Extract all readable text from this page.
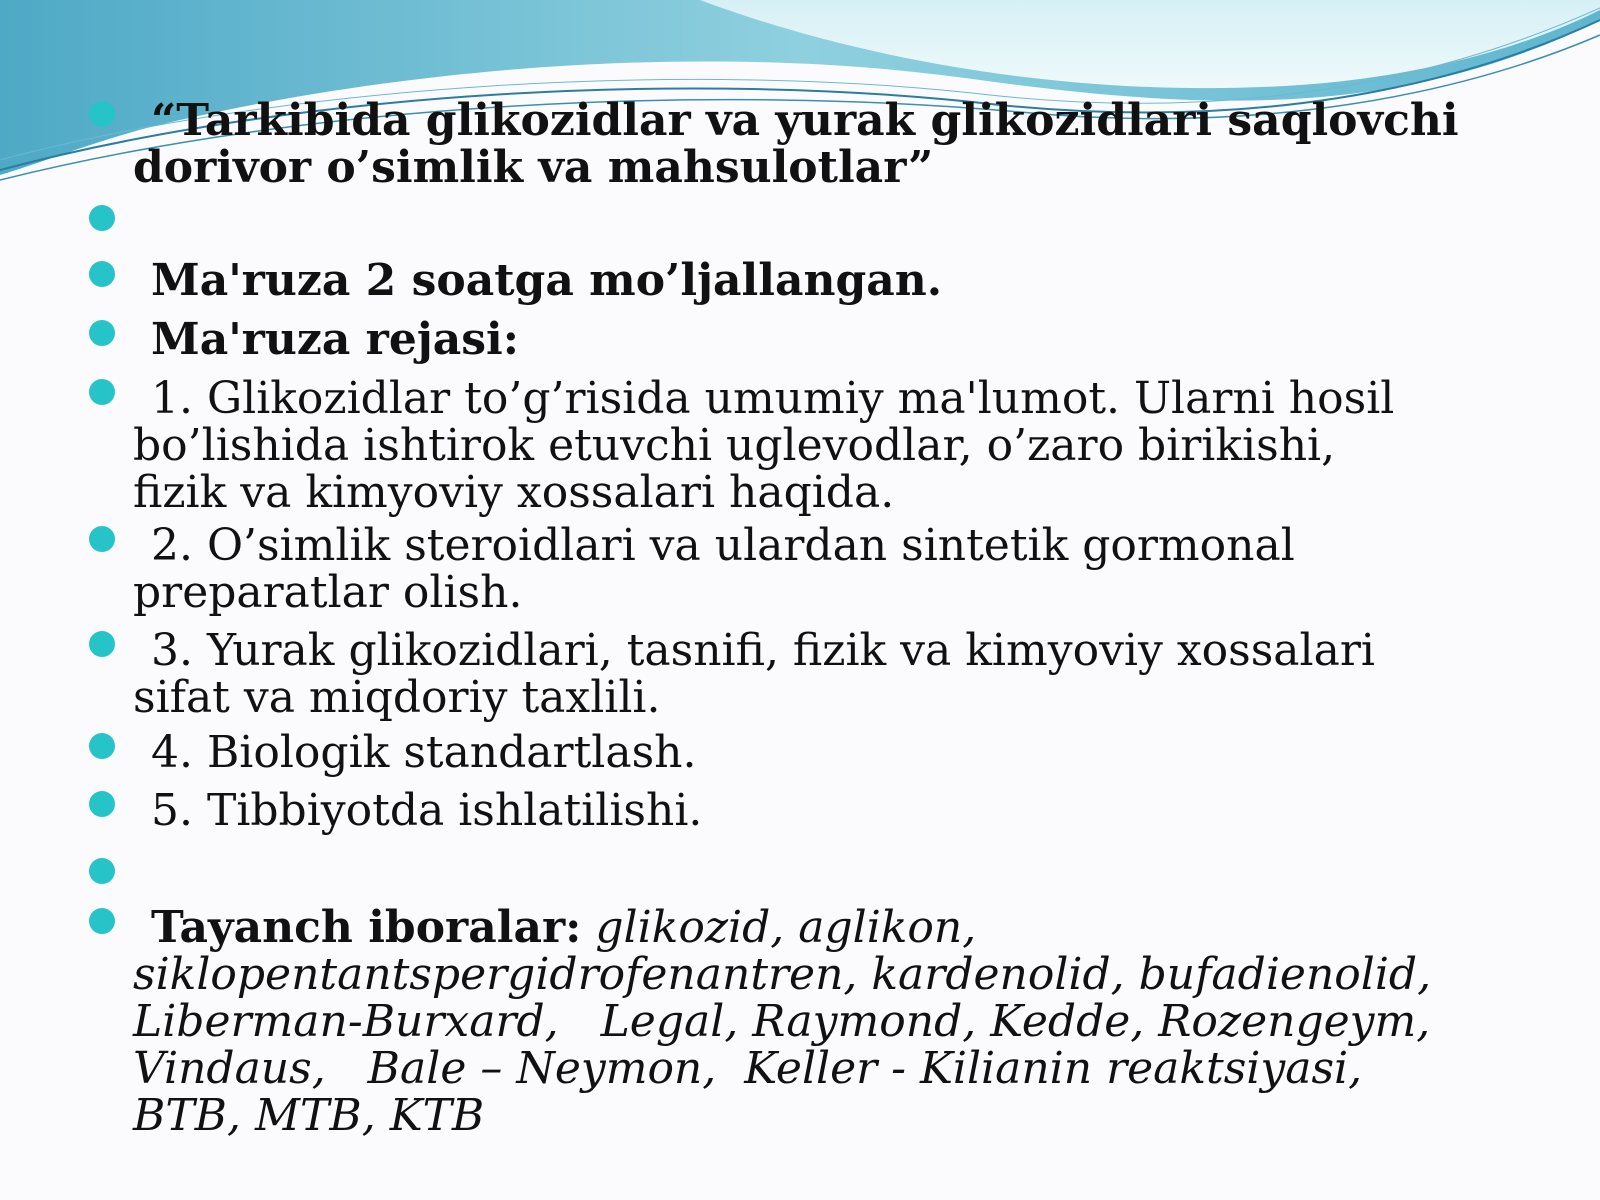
“Tarkibida glikozidlar va yurak glikozidlari saqlovchi
dorivor o’simlik va mahsulotlar”
Ma'ruza 2 soatga mo’ljallangan.
Ma'ruza rejasi:
1. Glikozidlar to’g’risida umumiy ma'lumot. Ularni hosil
bo’lishida ishtirok etuvchi uglevodlar, o’zaro birikishi,
fizik va kimyoviy xossalari haqida.
2. O’simlik steroidlari va ulardan sintetik gormonal
preparatlar olish.
3. Yurak glikozidlari, tasnifi, fizik va kimyoviy xossalari
sifat va miqdoriy taxlili.
4. Biologik standartlash.
5. Tibbiyotda ishlatilishi.
Tayanch iboralar: glikozid, aglikon,
siklopentantspergidrofenantren, kardenolid, bufadienolid,
Liberman-Burxard,   Legal, Raymond, Kedde, Rozengeym,
Vindaus,   Bale – Neymon,  Keller - Kilianin reaktsiyasi,
BTB, MTB, KTB
